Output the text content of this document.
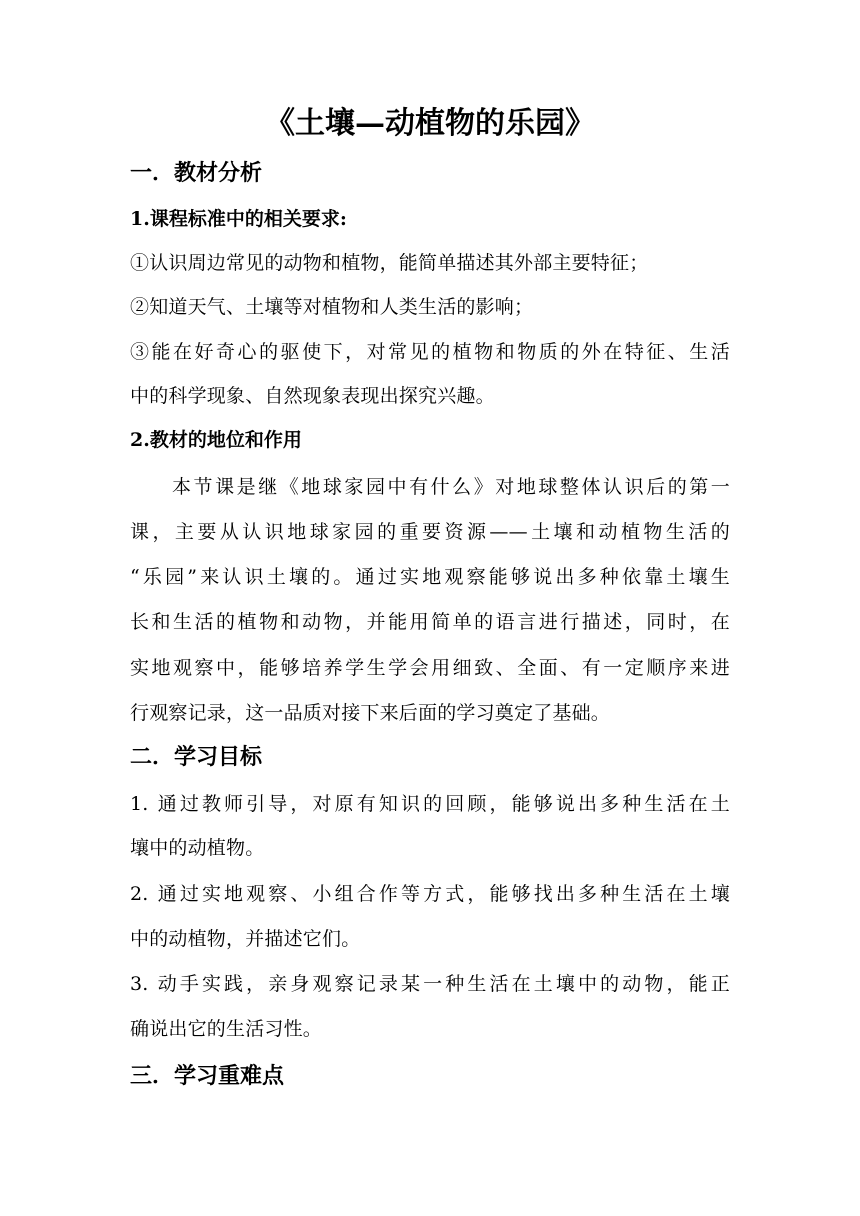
《土壤—动植物的乐园》
一．教材分析
1.课程标准中的相关要求:
①认识周边常见的动物和植物，能简单描述其外部主要特征；
②知道天气、土壤等对植物和人类生活的影响；
③能在好奇心的驱使下，对常见的植物和物质的外在特征、生活
中的科学现象、自然现象表现出探究兴趣。
2.教材的地位和作用
本节课是继《地球家园中有什么》对地球整体认识后的第一
课，主要从认识地球家园的重要资源——土壤和动植物生活的
“乐园”来认识土壤的。通过实地观察能够说出多种依靠土壤生
长和生活的植物和动物，并能用简单的语言进行描述，同时，在
实地观察中，能够培养学生学会用细致、全面、有一定顺序来进
行观察记录，这一品质对接下来后面的学习奠定了基础。
二．学习目标
1. 通过教师引导，对原有知识的回顾，能够说出多种生活在土
壤中的动植物。
2. 通过实地观察、小组合作等方式，能够找出多种生活在土壤
中的动植物，并描述它们。
3. 动手实践，亲身观察记录某一种生活在土壤中的动物，能正
确说出它的生活习性。
三．学习重难点
